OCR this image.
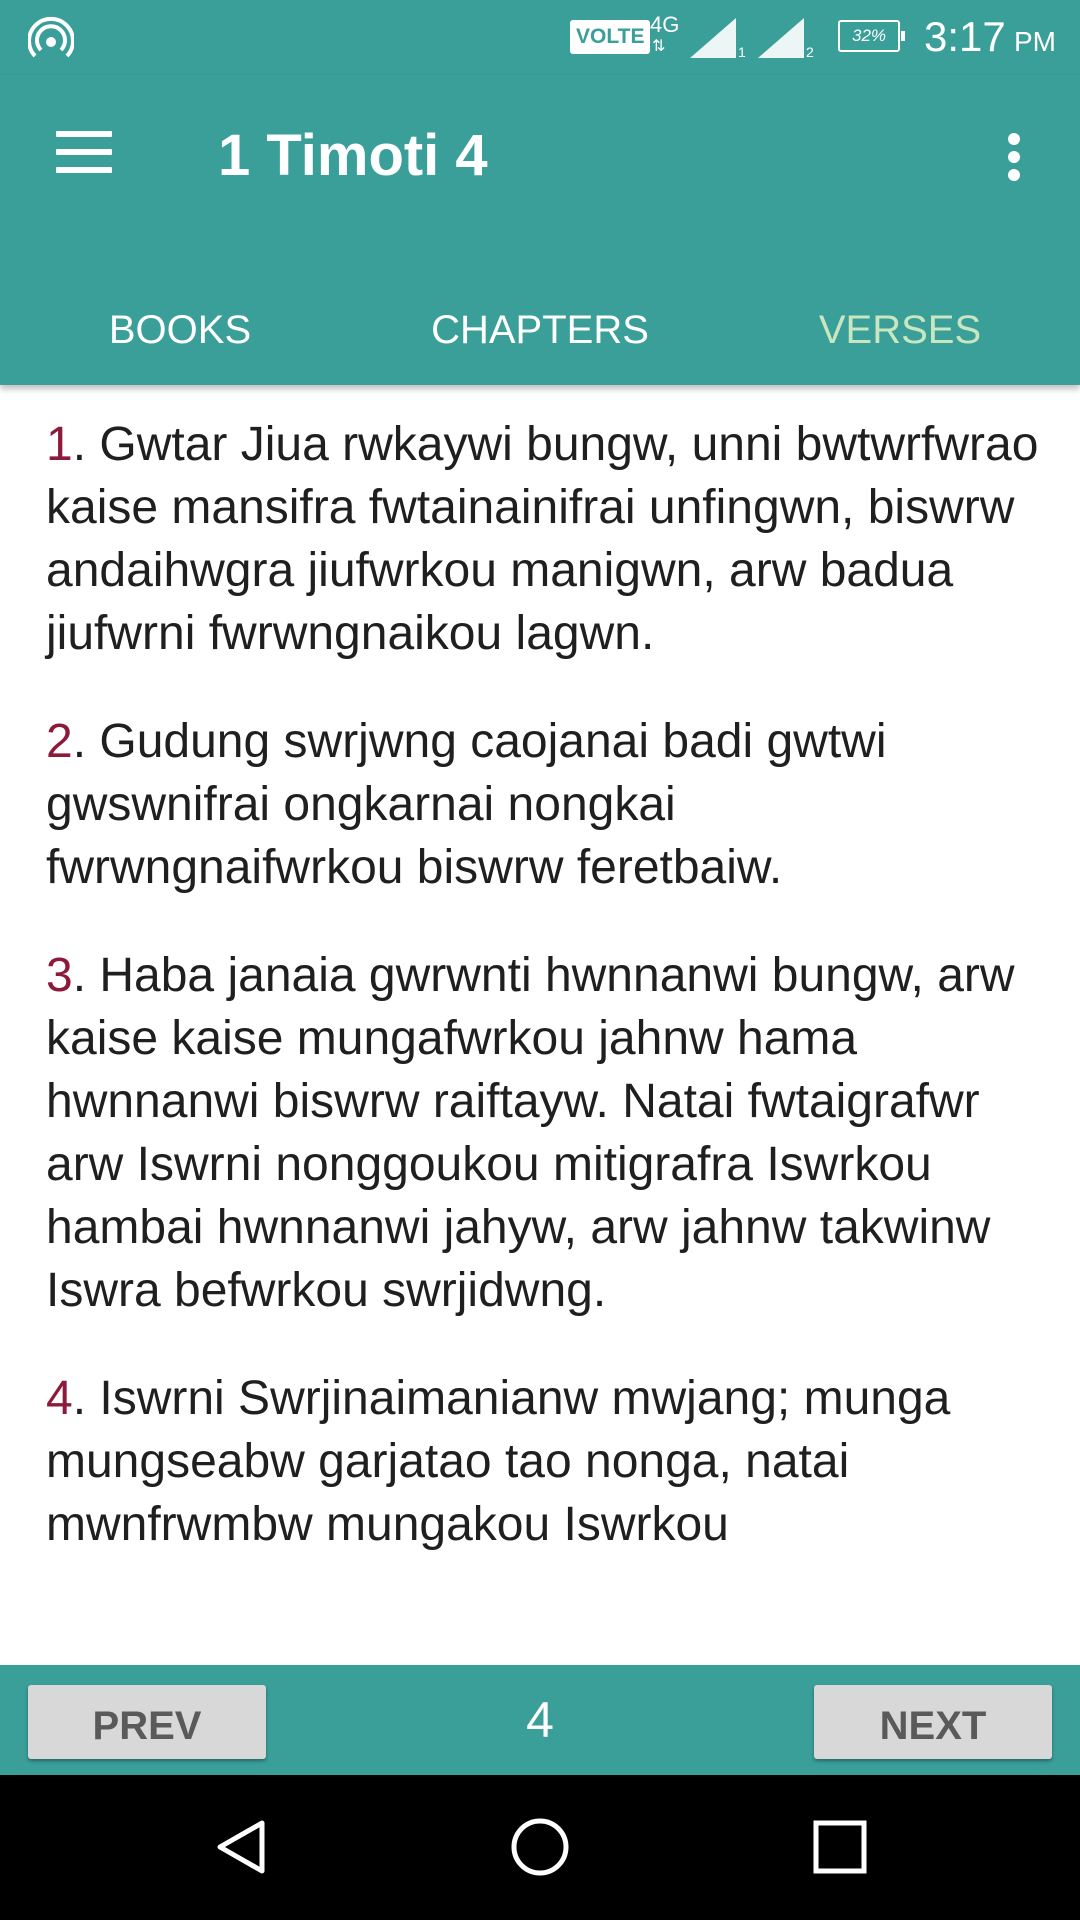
VOLTE 4G
⇅	1	2
32% 3:17 PM
1 Timoti 4
BOOKS	CHAPTERS	VERSES

1. Gwtar Jiua rwkaywi bungw, unni bwtwrfwrao kaise mansifra fwtainainifrai unfingwn, biswrw andaihwgra jiufwrkou manigwn, arw badua jiufwrni fwrwngnaikou lagwn.

2. Gudung swrjwng caojanai badi gwtwi gwswnifrai ongkarnai nongkai fwrwngnaifwrkou biswrw feretbaiw.

3. Haba janaia gwrwnti hwnnanwi bungw, arw kaise kaise mungafwrkou jahnw hama hwnnanwi biswrw raiftayw. Natai fwtaigrafwr arw Iswrni nonggoukou mitigrafra Iswrkou hambai hwnnanwi jahyw, arw jahnw takwinw Iswra befwrkou swrjidwng.

4. Iswrni Swrjinaimanianw mwjang; munga mungseabw garjatao tao nonga, natai mwnfrwmbw mungakou Iswrkou

PREV	4	NEXT
